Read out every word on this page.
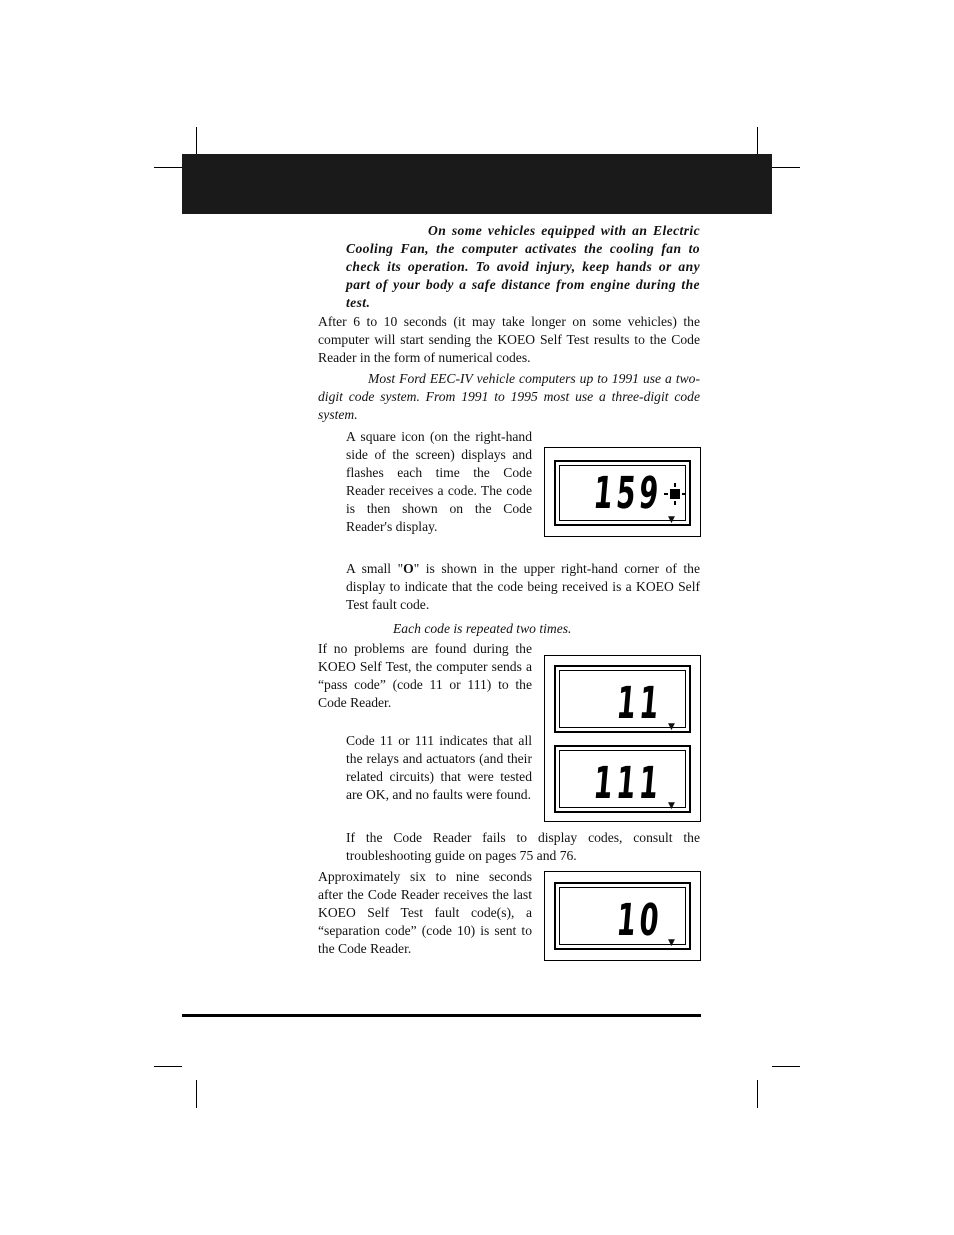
On some vehicles equipped with an Electric Cooling Fan, the computer activates the cooling fan to check its operation. To avoid injury, keep hands or any part of your body a safe distance from engine during the test.

After 6 to 10 seconds (it may take longer on some vehicles) the computer will start sending the KOEO Self Test results to the Code Reader in the form of numerical codes.

Most Ford EEC-IV vehicle computers up to 1991 use a two-digit code system. From 1991 to 1995 most use a three-digit code system.

A square icon (on the right-hand side of the screen) displays and flashes each time the Code Reader receives a code. The code is then shown on the Code Reader's display.

159
▼

A small "O" is shown in the upper right-hand corner of the display to indicate that the code being received is a KOEO Self Test fault code.

Each code is repeated two times.

If no problems are found during the KOEO Self Test, the computer sends a “pass code” (code 11 or 111) to the Code Reader.	11 ▼
111 ▼

Code 11 or 111 indicates that all the relays and actuators (and their related circuits) that were tested are OK, and no faults were found.

If the Code Reader fails to display codes, consult the troubleshooting guide on pages 75 and 76.

Approximately six to nine seconds after the Code Reader receives the last KOEO Self Test fault code(s), a “separation code” (code 10) is sent to the Code Reader.

10 ▼
